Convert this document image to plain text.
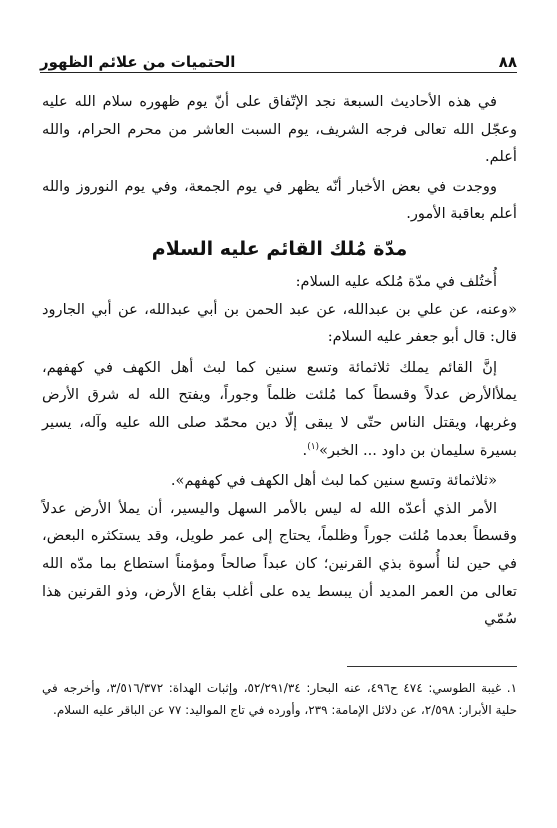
٨٨
الحتميات من علائم الظهور

في هذه الأحاديث السبعة نجد الإتّفاق على أنّ يوم ظهوره سلام الله عليه وعجّل الله تعالى فرجه الشريف، يوم السبت العاشر من محرم الحرام، والله أعلم.

ووجدت في بعض الأخبار أنّه يظهر في يوم الجمعة، وفي يوم النوروز والله أعلم بعاقبة الأمور.

مدّة مُلك القائم عليه السلام

أُختُلف في مدّة مُلكه عليه السلام:

«وعنه، عن علي بن عبدالله، عن عبد الحمن بن أبي عبدالله، عن أبي الجارود قال: قال أبو جعفر عليه السلام:

إنَّ القائم يملك ثلاثمائة وتسع سنين كما لبث أهل الكهف في كهفهم، يملأالأرض عدلاً وقسطاً كما مُلئت ظلماً وجوراً، ويفتح الله له شرق الأرض وغربها، ويقتل الناس حتّى لا يبقى إلّا دين محمّد صلى الله عليه وآله، يسير بسيرة سليمان بن داود ... الخبر»$^{(١)}$.

«ثلاثمائة وتسع سنين كما لبث أهل الكهف في كهفهم».

الأمر الذي أعدّه الله له ليس بالأمر السهل واليسير، أن يملأ الأرض عدلاً وقسطاً بعدما مُلئت جوراً وظلماً، يحتاج إلى عمر طويل، وقد يستكثره البعض، في حين لنا أُسوة بذي القرنين؛ كان عبداً صالحاً ومؤمناً استطاع بما مدّه الله تعالى من العمر المديد أن يبسط يده على أغلب بقاع الأرض، وذو القرنين هذا سُمّي

١. غيبة الطوسي: ٤٧٤ ح٤٩٦، عنه البحار: ٥٢/٢٩١/٣٤، وإثبات الهداة: ٣/٥١٦/٣٧٢، وأخرجه في حلية الأبرار: ٢/٥٩٨، عن دلائل الإمامة: ٢٣٩، وأورده في تاج المواليد: ٧٧ عن الباقر عليه السلام.
